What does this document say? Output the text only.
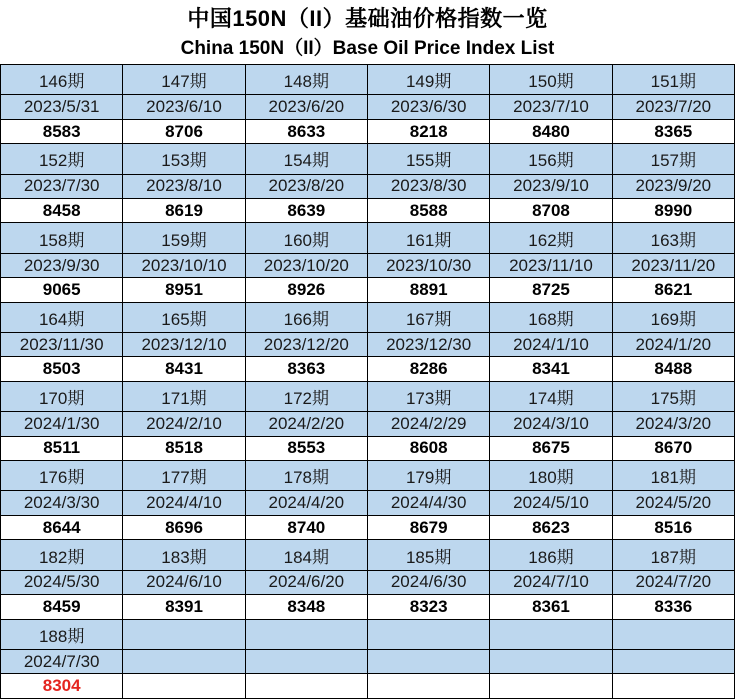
中国150N（II）基础油价格指数一览
China 150N（II）Base Oil Price Index List
146期	147期	148期	149期	150期	151期
2023/5/31	2023/6/10	2023/6/20	2023/6/30	2023/7/10	2023/7/20
8583	8706	8633	8218	8480	8365
152期	153期	154期	155期	156期	157期
2023/7/30	2023/8/10	2023/8/20	2023/8/30	2023/9/10	2023/9/20
8458	8619	8639	8588	8708	8990
158期	159期	160期	161期	162期	163期
2023/9/30	2023/10/10	2023/10/20	2023/10/30	2023/11/10	2023/11/20
9065	8951	8926	8891	8725	8621
164期	165期	166期	167期	168期	169期
2023/11/30	2023/12/10	2023/12/20	2023/12/30	2024/1/10	2024/1/20
8503	8431	8363	8286	8341	8488
170期	171期	172期	173期	174期	175期
2024/1/30	2024/2/10	2024/2/20	2024/2/29	2024/3/10	2024/3/20
8511	8518	8553	8608	8675	8670
176期	177期	178期	179期	180期	181期
2024/3/30	2024/4/10	2024/4/20	2024/4/30	2024/5/10	2024/5/20
8644	8696	8740	8679	8623	8516
182期	183期	184期	185期	186期	187期
2024/5/30	2024/6/10	2024/6/20	2024/6/30	2024/7/10	2024/7/20
8459	8391	8348	8323	8361	8336
188期					
2024/7/30					
8304					
